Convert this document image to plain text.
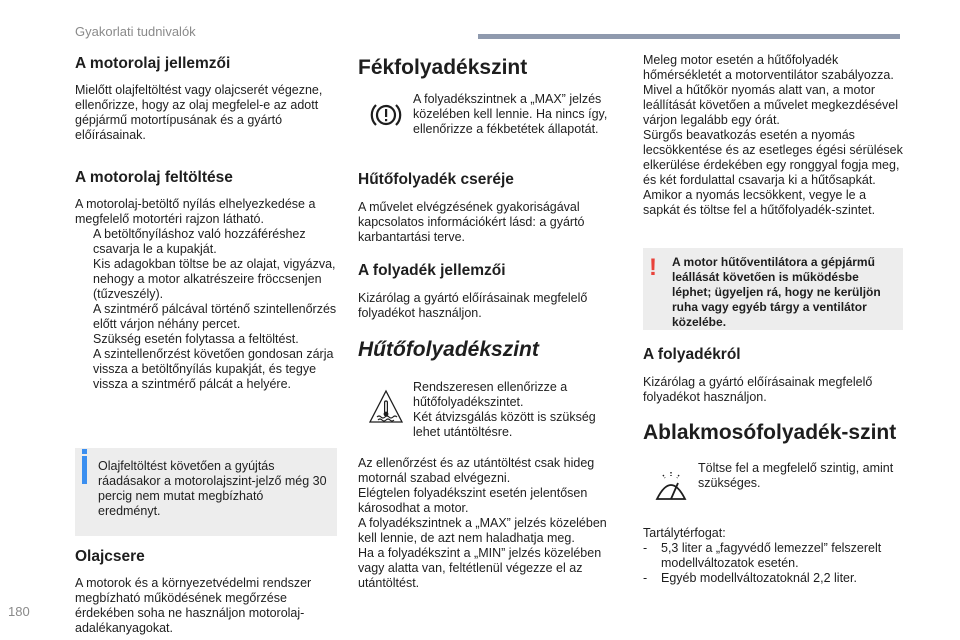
Gyakorlati tudnivalók
A motorolaj jellemzői

Mielőtt olajfeltöltést vagy olajcserét végezne, ellenőrizze, hogy az olaj megfelel-e az adott gépjármű motortípusának és a gyártó előírásainak.

A motorolaj feltöltése

A motorolaj-betöltő nyílás elhelyezkedése a megfelelő motortéri rajzon látható.

A betöltőnyíláshoz való hozzáféréshez csavarja le a kupakját.
Kis adagokban töltse be az olajat, vigyázva, nehogy a motor alkatrészeire fröccsenjen (tűzveszély).
A szintmérő pálcával történő szintellenőrzés előtt várjon néhány percet.
Szükség esetén folytassa a feltöltést.
A szintellenőrzést követően gondosan zárja vissza a betöltőnyílás kupakját, és tegye vissza a szintmérő pálcát a helyére.

Olajfeltöltést követően a gyújtás ráadásakor a motorolajszint-jelző még 30 percig nem mutat megbízható eredményt.

Olajcsere

A motorok és a környezetvédelmi rendszer megbízható működésének megőrzése érdekében soha ne használjon motorolaj-adalékanyagokat.

Fékfolyadékszint

A folyadékszintnek a „MAX” jelzés közelében kell lennie. Ha nincs így, ellenőrizze a fékbetétek állapotát.

Hűtőfolyadék cseréje

A művelet elvégzésének gyakoriságával kapcsolatos információkért lásd: a gyártó karbantartási terve.

A folyadék jellemzői

Kizárólag a gyártó előírásainak megfelelő folyadékot használjon.

Hűtőfolyadékszint

Rendszeresen ellenőrizze a hűtőfolyadékszintet.
Két átvizsgálás között is szükség lehet utántöltésre.

Az ellenőrzést és az utántöltést csak hideg motornál szabad elvégezni.
Elégtelen folyadékszint esetén jelentősen károsodhat a motor.
A folyadékszintnek a „MAX” jelzés közelében kell lennie, de azt nem haladhatja meg.
Ha a folyadékszint a „MIN” jelzés közelében vagy alatta van, feltétlenül végezze el az utántöltést.

Meleg motor esetén a hűtőfolyadék hőmérsékletét a motorventilátor szabályozza.
Mivel a hűtőkör nyomás alatt van, a motor leállítását követően a művelet megkezdésével várjon legalább egy órát.
Sürgős beavatkozás esetén a nyomás lecsökkentése és az esetleges égési sérülések elkerülése érdekében egy ronggyal fogja meg, és két fordulattal csavarja ki a hűtősapkát.
Amikor a nyomás lecsökkent, vegye le a sapkát és töltse fel a hűtőfolyadék-szintet.

! A motor hűtőventilátora a gépjármű leállását követően is működésbe léphet; ügyeljen rá, hogy ne kerüljön ruha vagy egyéb tárgy a ventilátor közelébe.

A folyadékról

Kizárólag a gyártó előírásainak megfelelő folyadékot használjon.

Ablakmosófolyadék-szint

Töltse fel a megfelelő szintig, amint szükséges.

Tartálytérfogat:

- 5,3 liter a „fagyvédő lemezzel” felszerelt modellváltozatok esetén.
- Egyéb modellváltozatoknál 2,2 liter.
180
